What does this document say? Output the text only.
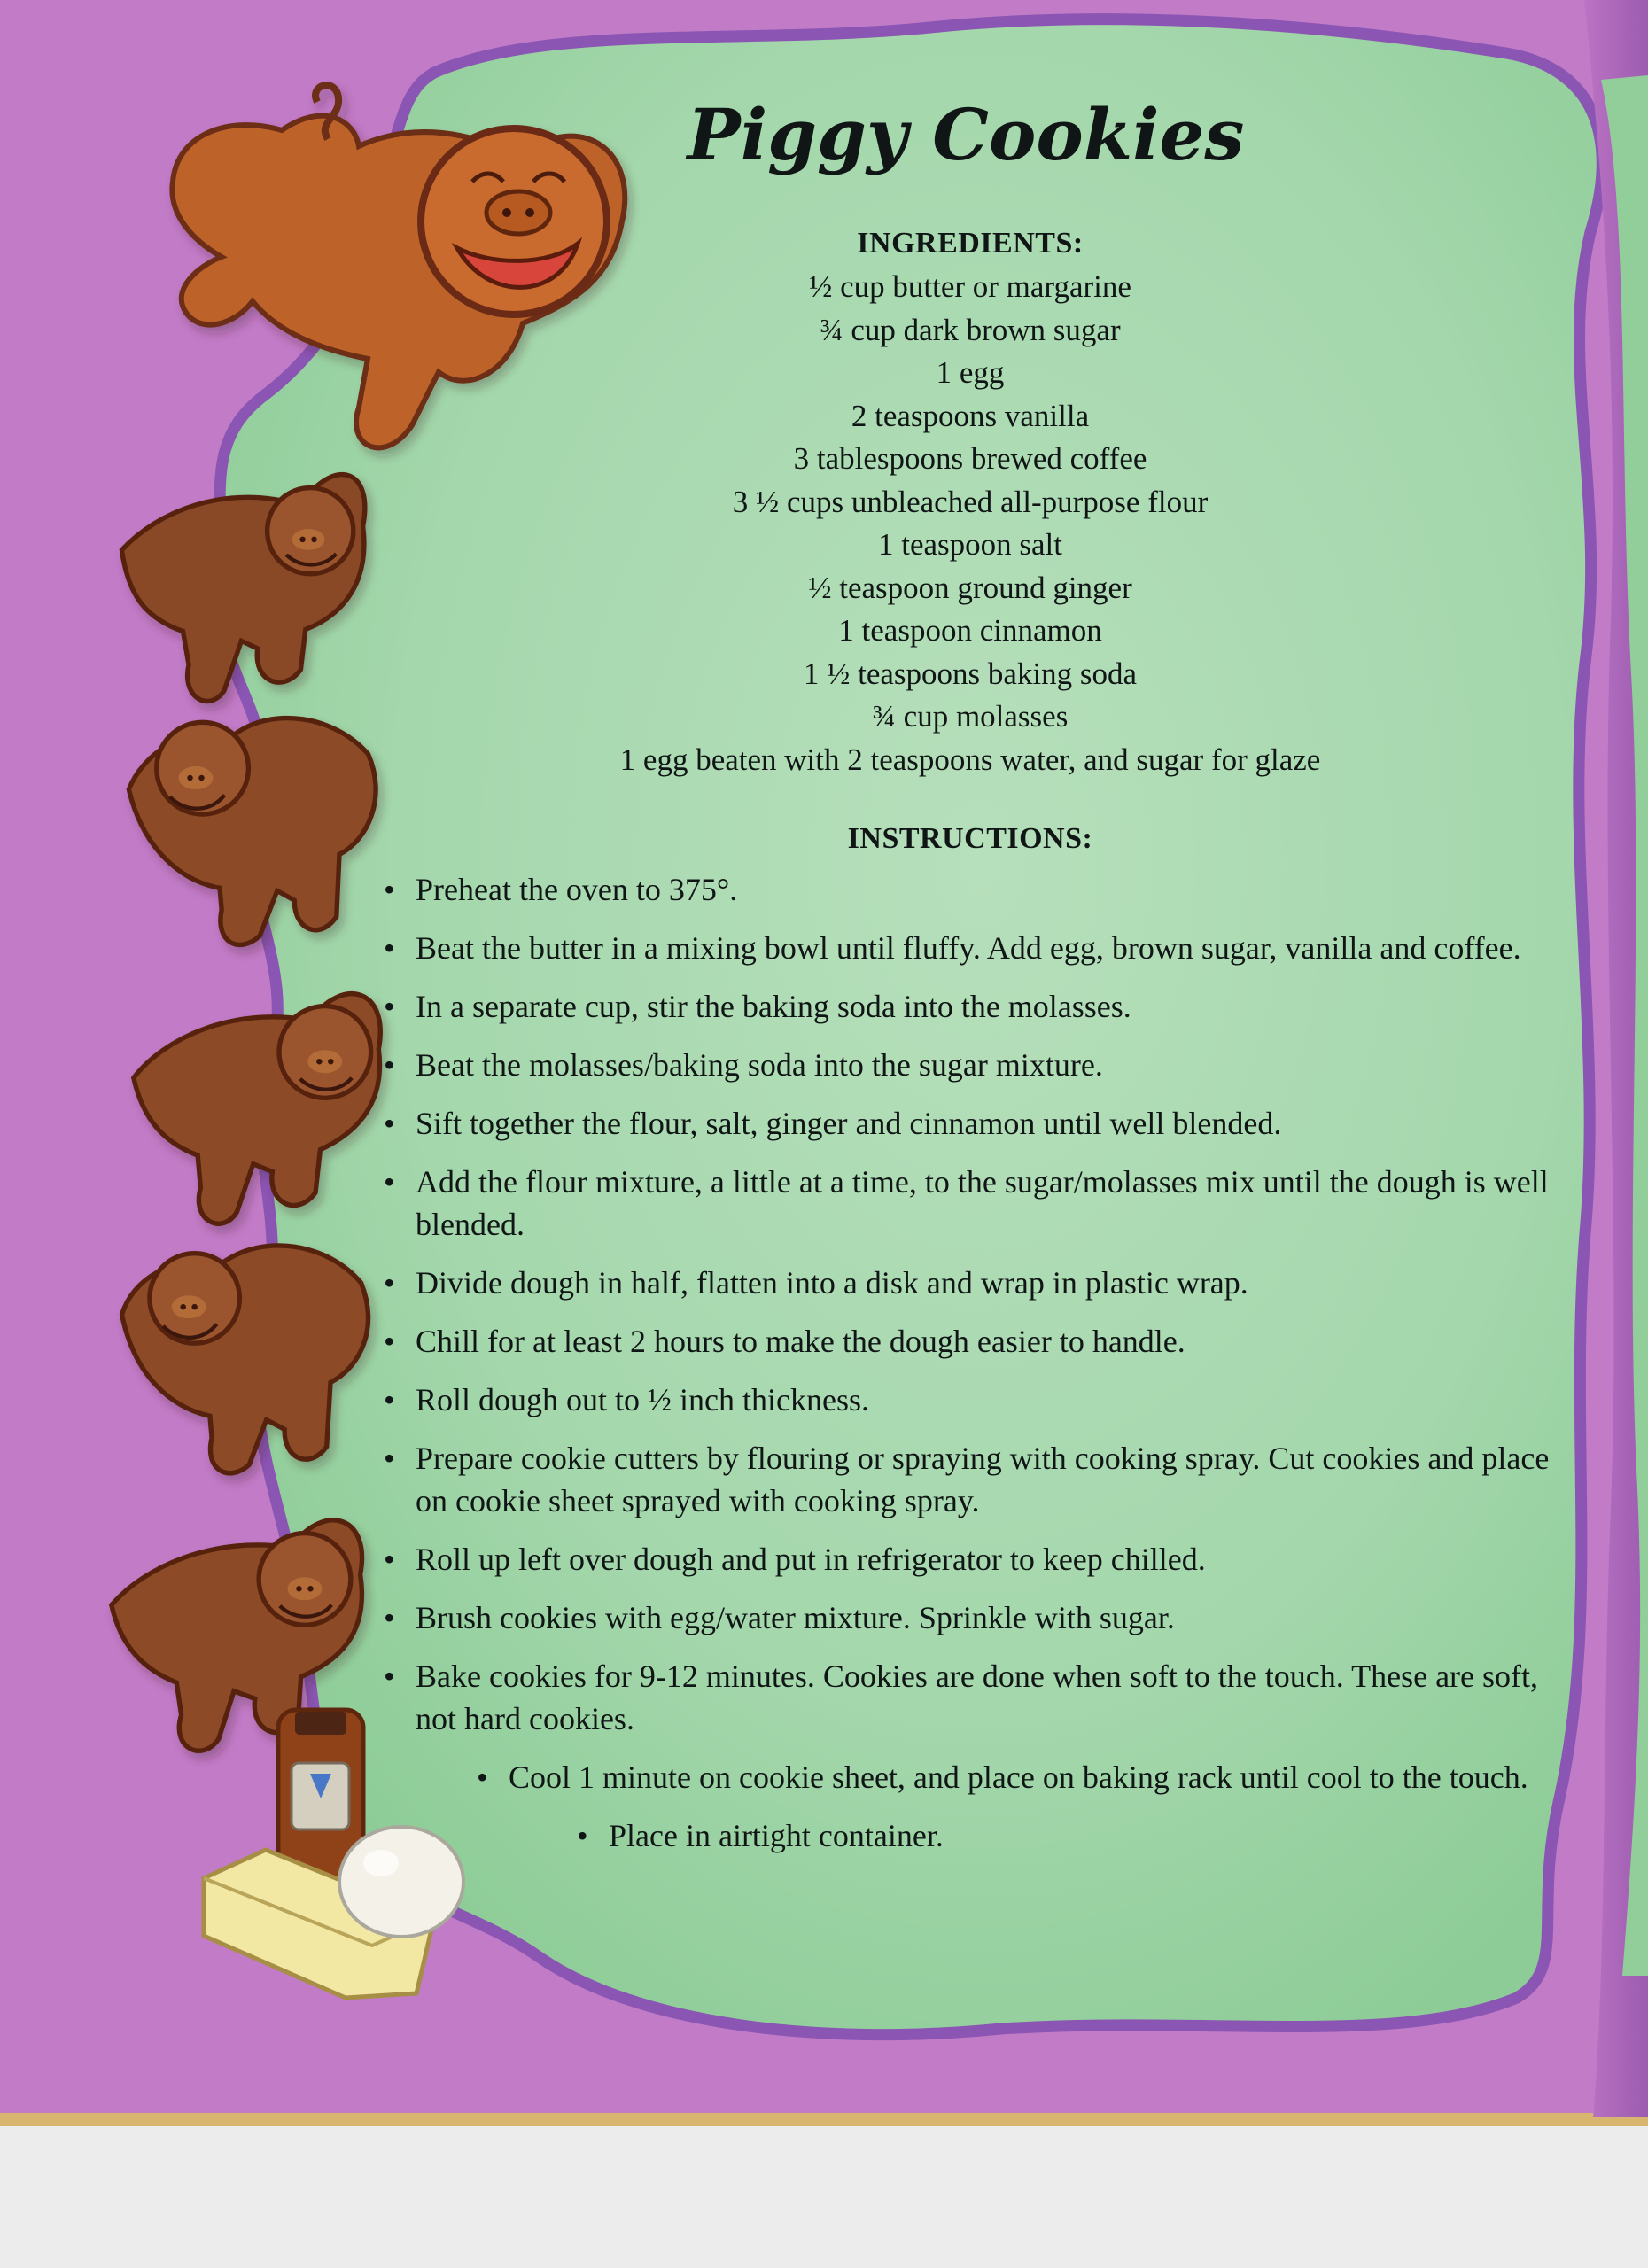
Piggy Cookies
INGREDIENTS:
½ cup butter or margarine
¾ cup dark brown sugar
1 egg
2 teaspoons vanilla
3 tablespoons brewed coffee
3 ½ cups unbleached all-purpose flour
1 teaspoon salt
½ teaspoon ground ginger
1 teaspoon cinnamon
1 ½ teaspoons baking soda
¾ cup molasses
1 egg beaten with 2 teaspoons water, and sugar for glaze
INSTRUCTIONS:
• Preheat the oven to 375°.
• Beat the butter in a mixing bowl until fluffy. Add egg, brown sugar, vanilla and coffee.
• In a separate cup, stir the baking soda into the molasses.
• Beat the molasses/baking soda into the sugar mixture.
• Sift together the flour, salt, ginger and cinnamon until well blended.
• Add the flour mixture, a little at a time, to the sugar/molasses mix until the dough is well blended.
• Divide dough in half, flatten into a disk and wrap in plastic wrap.
• Chill for at least 2 hours to make the dough easier to handle.
• Roll dough out to ½ inch thickness.
• Prepare cookie cutters by flouring or spraying with cooking spray. Cut cookies and place on cookie sheet sprayed with cooking spray.
• Roll up left over dough and put in refrigerator to keep chilled.
• Brush cookies with egg/water mixture. Sprinkle with sugar.
• Bake cookies for 9-12 minutes. Cookies are done when soft to the touch. These are soft, not hard cookies.
• Cool 1 minute on cookie sheet, and place on baking rack until cool to the touch.
• Place in airtight container.
